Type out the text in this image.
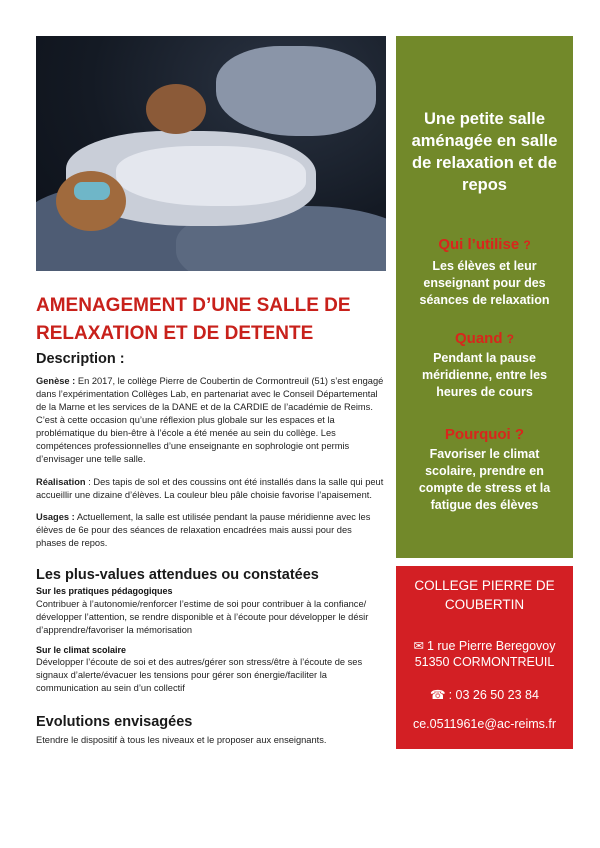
Une petite salle aménagée en salle de relaxation et de repos
Qui l’utilise ?
Les élèves et leur enseignant pour des séances de relaxation
Quand ?
Pendant la pause méridienne, entre les heures de cours
Pourquoi ?
Favoriser le climat scolaire, prendre en compte de stress et la fatigue des élèves
COLLEGE PIERRE DE COUBERTIN
✉ 1 rue Pierre Beregovoy
51350 CORMONTREUIL
☎ : 03 26 50 23 84
ce.0511961e@ac-reims.fr
AMENAGEMENT D’UNE SALLE DE RELAXATION ET DE DETENTE
Description :
Genèse : En 2017, le collège Pierre de Coubertin de Cormontreuil (51) s’est engagé dans l’expérimentation Collèges Lab, en partenariat avec le Conseil Départemental de la Marne et les services de la DANE et de la CARDIE de l’académie de Reims. C’est à cette occasion qu’une réflexion plus globale sur les espaces et la problématique du bien-être à l’école a été menée au sein du collège. Les compétences professionnelles d’une enseignante en sophrologie ont permis d’envisager une telle salle.
Réalisation : Des tapis de sol et des coussins ont été installés dans la salle qui peut accueillir une dizaine d’élèves. La couleur bleu pâle choisie favorise l’apaisement.
Usages : Actuellement, la salle est utilisée pendant la pause méridienne avec les élèves de 6e pour des séances de relaxation encadrées mais aussi pour des phases de repos.
Les plus-values attendues ou constatées
Sur les pratiques pédagogiques
Contribuer à l’autonomie/renforcer l’estime de soi pour contribuer à la confiance/ développer l’attention, se rendre disponible et à l’écoute pour développer le désir d’apprendre/favoriser la mémorisation
Sur le climat scolaire
Développer l’écoute de soi et des autres/gérer son stress/être à l’écoute de ses signaux d’alerte/évacuer les tensions pour gérer son énergie/faciliter la communication au sein d’un collectif
Evolutions envisagées
Etendre le dispositif à tous les niveaux et le proposer aux enseignants.
